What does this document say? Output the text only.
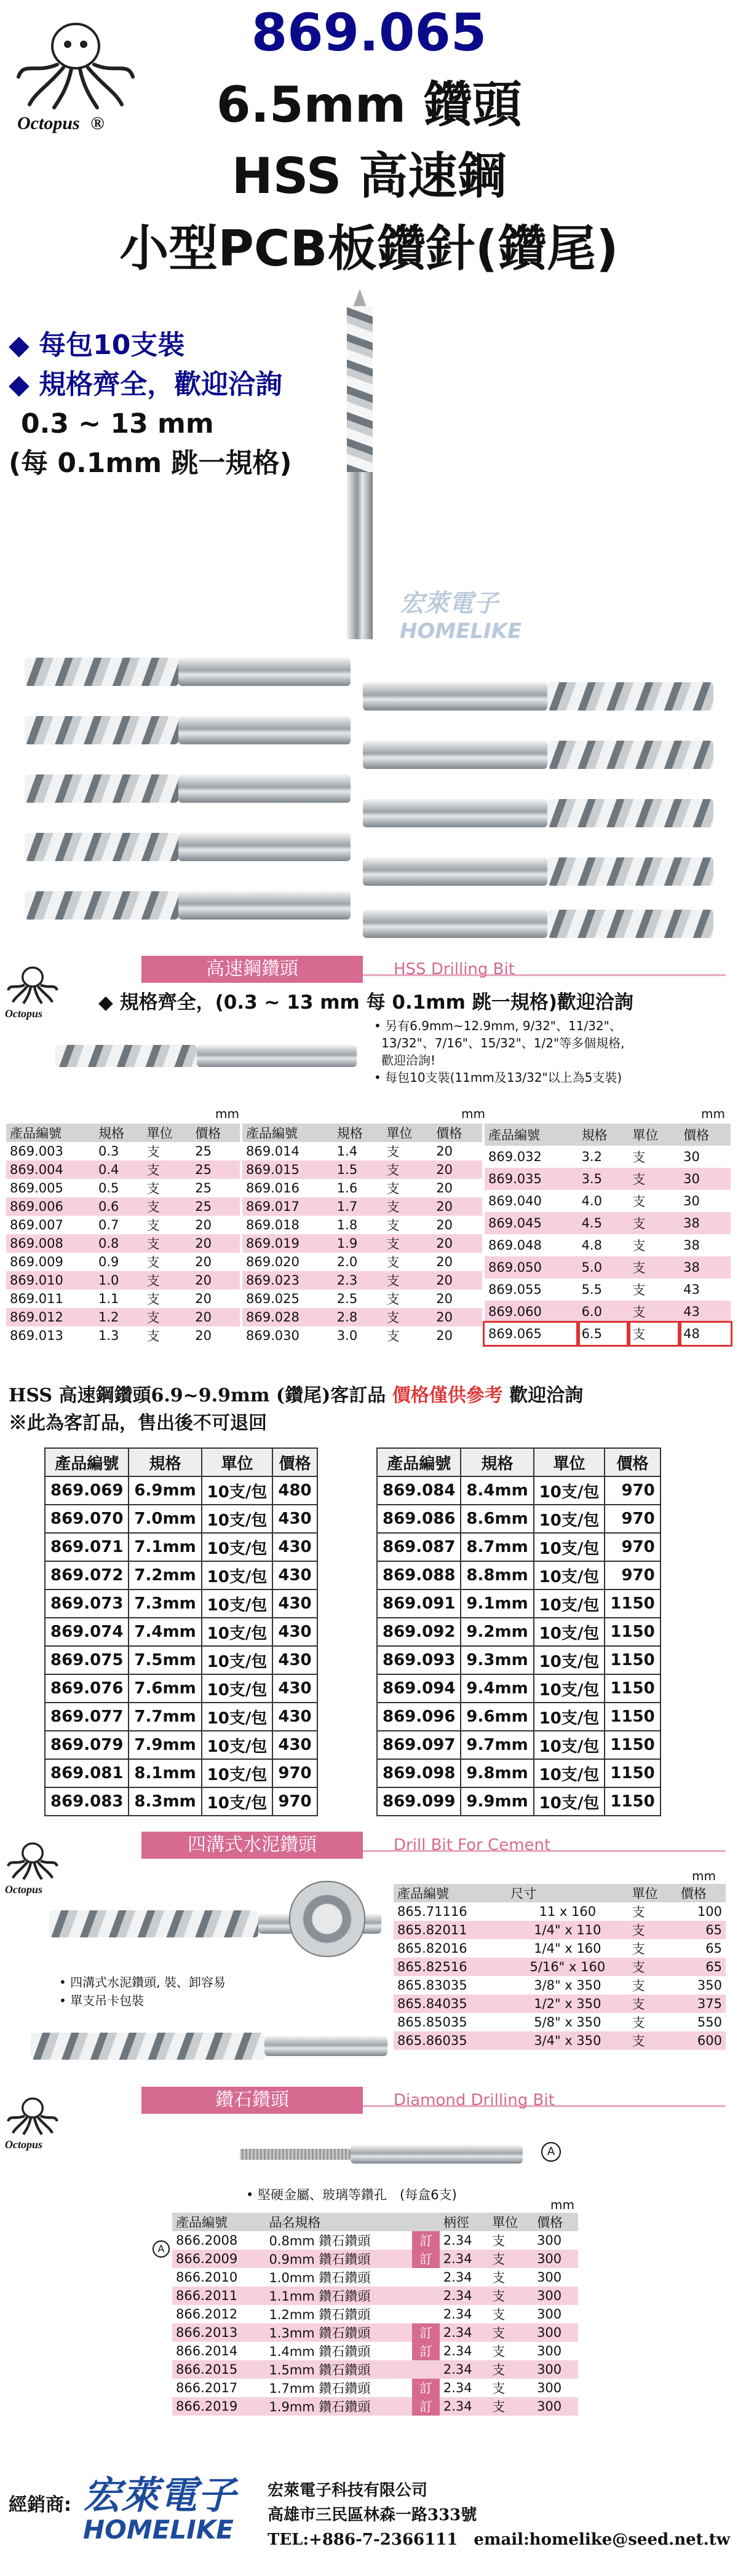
Octopus ®
869.065
6.5mm 鑽頭
HSS 高速鋼
小型PCB板鑽針(鑽尾)
◆ 每包10支裝
◆ 規格齊全，歡迎洽詢
0.3 ~ 13 mm
(每 0.1mm 跳一規格)
宏萊電子
HOMELIKE
高速鋼鑽頭	HSS Drilling Bit
Octopus	◆ 規格齊全，(0.3 ~ 13 mm 每 0.1mm 跳一規格)歡迎洽詢
• 另有6.9mm~12.9mm, 9/32"、11/32"、
13/32"、7/16"、15/32"、1/2"等多個規格,
歡迎洽詢!
• 每包10支裝(11mm及13/32"以上為5支裝)
mm	mm	mm
產品編號	規格	單位	價格
869.003	0.3	支	25
869.004	0.4	支	25
869.005	0.5	支	25
869.006	0.6	支	25
869.007	0.7	支	20
869.008	0.8	支	20
869.009	0.9	支	20
869.010	1.0	支	20
869.011	1.1	支	20
869.012	1.2	支	20
869.013	1.3	支	20
產品編號	規格	單位	價格
869.014	1.4	支	20
869.015	1.5	支	20
869.016	1.6	支	20
869.017	1.7	支	20
869.018	1.8	支	20
869.019	1.9	支	20
869.020	2.0	支	20
869.023	2.3	支	20
869.025	2.5	支	20
869.028	2.8	支	20
869.030	3.0	支	20
產品編號	規格	單位	價格
869.032	3.2	支	30
869.035	3.5	支	30
869.040	4.0	支	30
869.045	4.5	支	38
869.048	4.8	支	38
869.050	5.0	支	38
869.055	5.5	支	43
869.060	6.0	支	43
869.065	6.5	支	48
HSS 高速鋼鑽頭6.9~9.9mm (鑽尾)客訂品 價格僅供參考 歡迎洽詢
※此為客訂品，售出後不可退回
產品編號	規格	單位	價格
869.069	6.9mm	10支/包	480
869.070	7.0mm	10支/包	430
869.071	7.1mm	10支/包	430
869.072	7.2mm	10支/包	430
869.073	7.3mm	10支/包	430
869.074	7.4mm	10支/包	430
869.075	7.5mm	10支/包	430
869.076	7.6mm	10支/包	430
869.077	7.7mm	10支/包	430
869.079	7.9mm	10支/包	430
869.081	8.1mm	10支/包	970
869.083	8.3mm	10支/包	970
產品編號	規格	單位	價格
869.084	8.4mm	10支/包	970
869.086	8.6mm	10支/包	970
869.087	8.7mm	10支/包	970
869.088	8.8mm	10支/包	970
869.091	9.1mm	10支/包	1150
869.092	9.2mm	10支/包	1150
869.093	9.3mm	10支/包	1150
869.094	9.4mm	10支/包	1150
869.096	9.6mm	10支/包	1150
869.097	9.7mm	10支/包	1150
869.098	9.8mm	10支/包	1150
869.099	9.9mm	10支/包	1150
四溝式水泥鑽頭	Drill Bit For Cement
Octopus
mm
• 四溝式水泥鑽頭, 裝、卸容易
• 單支吊卡包裝
產品編號	尺寸	單位	價格
865.71116	11 x 160	支	100
865.82011	1/4" x 110	支	65
865.82016	1/4" x 160	支	65
865.82516	5/16" x 160	支	65
865.83035	3/8" x 350	支	350
865.84035	1/2" x 350	支	375
865.85035	5/8" x 350	支	550
865.86035	3/4" x 350	支	600
鑽石鑽頭	Diamond Drilling Bit
Octopus
A
• 堅硬金屬、玻璃等鑽孔　(每盒6支)
mm
A
產品編號	品名規格		柄徑	單位	價格
866.2008	0.8mm 鑽石鑽頭	訂	2.34	支	300
866.2009	0.9mm 鑽石鑽頭	訂	2.34	支	300
866.2010	1.0mm 鑽石鑽頭		2.34	支	300
866.2011	1.1mm 鑽石鑽頭		2.34	支	300
866.2012	1.2mm 鑽石鑽頭		2.34	支	300
866.2013	1.3mm 鑽石鑽頭	訂	2.34	支	300
866.2014	1.4mm 鑽石鑽頭	訂	2.34	支	300
866.2015	1.5mm 鑽石鑽頭		2.34	支	300
866.2017	1.7mm 鑽石鑽頭	訂	2.34	支	300
866.2019	1.9mm 鑽石鑽頭	訂	2.34	支	300
經銷商: 宏萊電子
HOMELIKE
宏萊電子科技有限公司
高雄市三民區林森一路333號
TEL:+886-7-2366111　email:homelike@seed.net.tw
